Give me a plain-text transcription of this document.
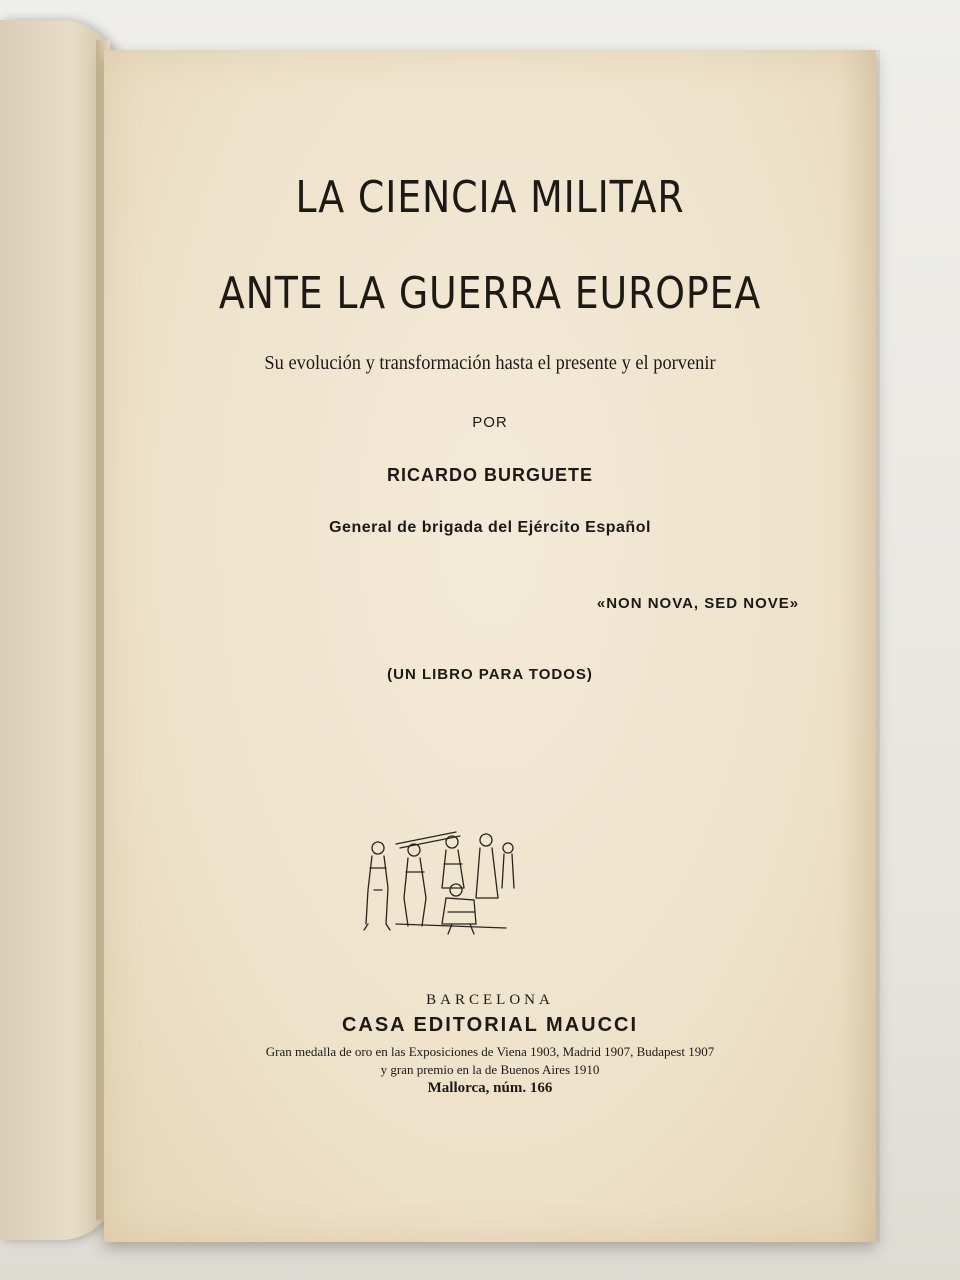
LA CIENCIA MILITAR
ANTE LA GUERRA EUROPEA
Su evolución y transformación hasta el presente y el porvenir
POR
RICARDO BURGUETE
General de brigada del Ejército Español
«NON NOVA, SED NOVE»
(UN LIBRO PARA TODOS)
BARCELONA
CASA EDITORIAL MAUCCI
Gran medalla de oro en las Exposiciones de Viena 1903, Madrid 1907, Budapest 1907
y gran premio en la de Buenos Aires 1910
Mallorca, núm. 166
